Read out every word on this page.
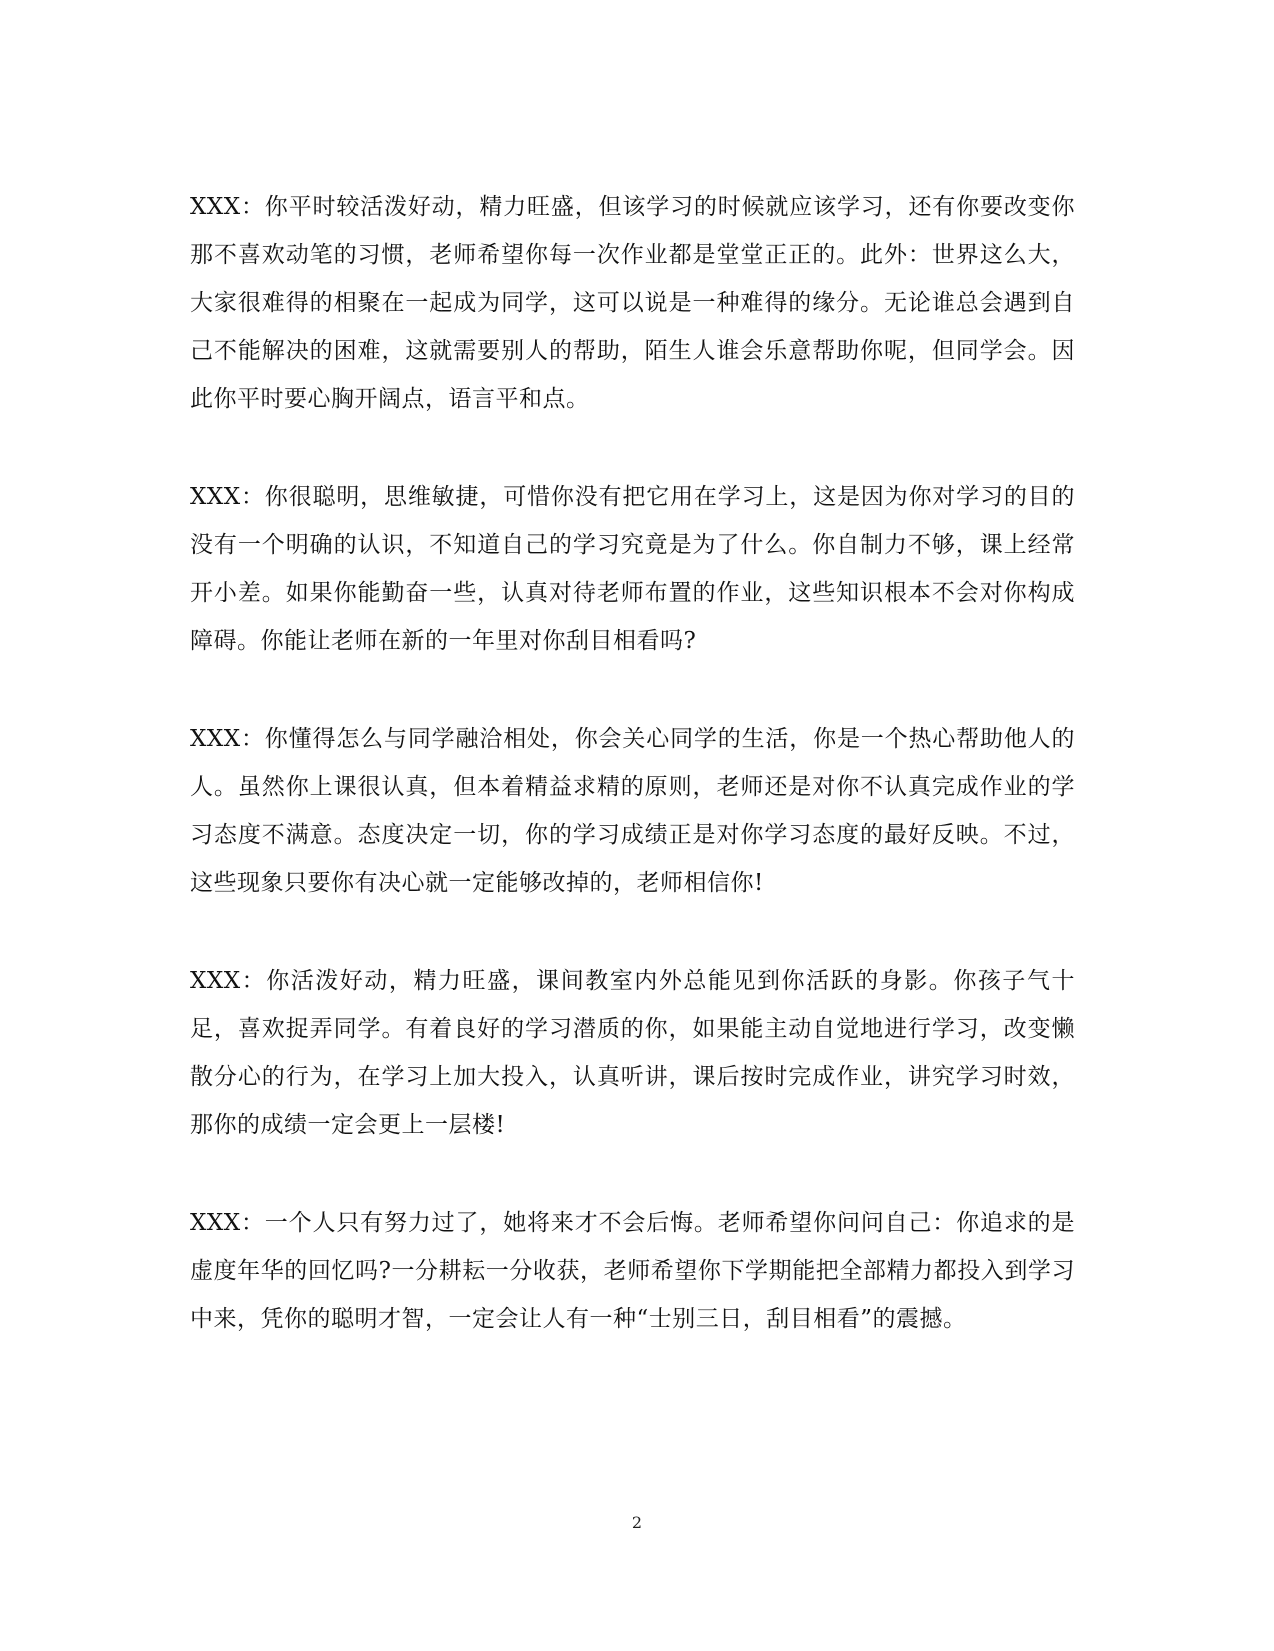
XXX：你平时较活泼好动，精力旺盛，但该学习的时候就应该学习，还有你要改变你那不喜欢动笔的习惯，老师希望你每一次作业都是堂堂正正的。此外：世界这么大，大家很难得的相聚在一起成为同学，这可以说是一种难得的缘分。无论谁总会遇到自己不能解决的困难，这就需要别人的帮助，陌生人谁会乐意帮助你呢，但同学会。因此你平时要心胸开阔点，语言平和点。

XXX：你很聪明，思维敏捷，可惜你没有把它用在学习上，这是因为你对学习的目的没有一个明确的认识，不知道自己的学习究竟是为了什么。你自制力不够，课上经常开小差。如果你能勤奋一些，认真对待老师布置的作业，这些知识根本不会对你构成障碍。你能让老师在新的一年里对你刮目相看吗?

XXX：你懂得怎么与同学融洽相处，你会关心同学的生活，你是一个热心帮助他人的人。虽然你上课很认真，但本着精益求精的原则，老师还是对你不认真完成作业的学习态度不满意。态度决定一切，你的学习成绩正是对你学习态度的最好反映。不过，这些现象只要你有决心就一定能够改掉的，老师相信你!

XXX：你活泼好动，精力旺盛，课间教室内外总能见到你活跃的身影。你孩子气十足，喜欢捉弄同学。有着良好的学习潜质的你，如果能主动自觉地进行学习，改变懒散分心的行为，在学习上加大投入，认真听讲，课后按时完成作业，讲究学习时效，那你的成绩一定会更上一层楼!

XXX：一个人只有努力过了，她将来才不会后悔。老师希望你问问自己：你追求的是虚度年华的回忆吗?一分耕耘一分收获，老师希望你下学期能把全部精力都投入到学习中来，凭你的聪明才智，一定会让人有一种“士别三日，刮目相看”的震撼。

2
